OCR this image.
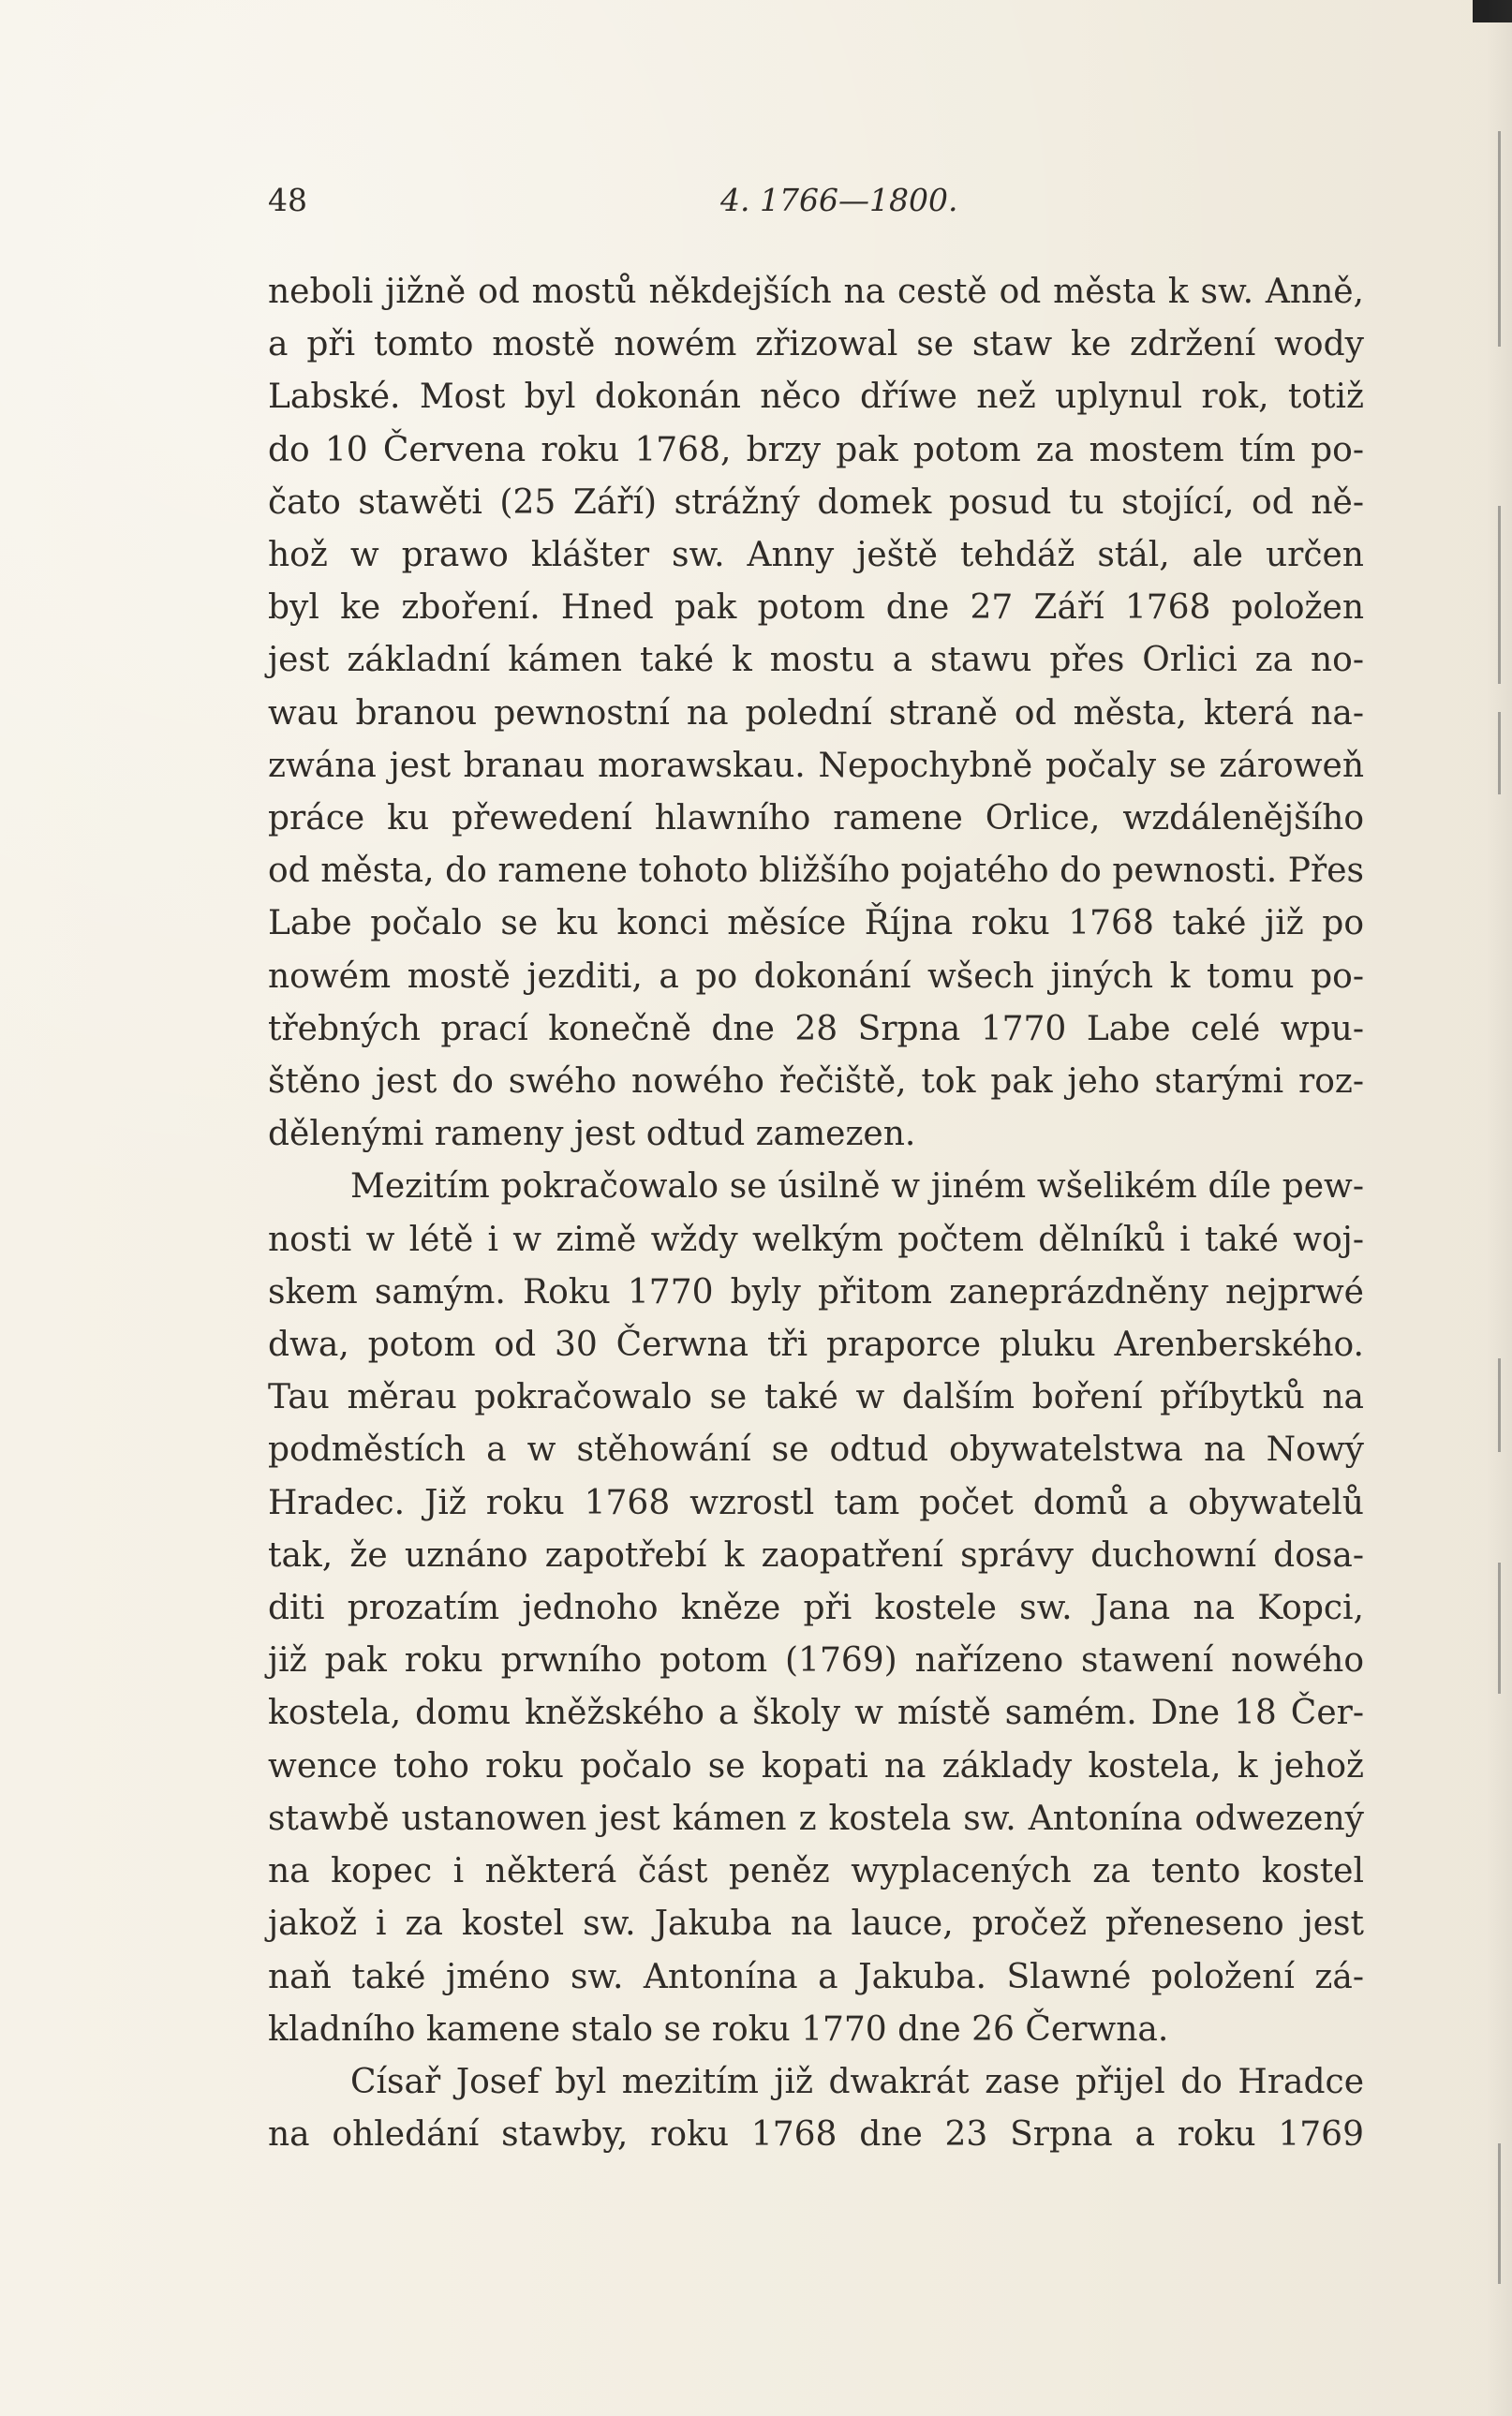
48	4. 1766—1800.
neboli jižně od mostů někdejších na cestě od města k sw. Anně,
a při tomto mostě nowém zřizowal se staw ke zdržení wody
Labské. Most byl dokonán něco dříwe než uplynul rok, totiž
do 10 Červena roku 1768, brzy pak potom za mostem tím po-
čato stawěti (25 Září) strážný domek posud tu stojící, od ně-
hož w prawo klášter sw. Anny ještě tehdáž stál, ale určen
byl ke zboření. Hned pak potom dne 27 Září 1768 položen
jest základní kámen také k mostu a stawu přes Orlici za no-
wau branou pewnostní na polední straně od města, která na-
zwána jest branau morawskau. Nepochybně počaly se zároweň
práce ku přewedení hlawního ramene Orlice, wzdálenějšího
od města, do ramene tohoto bližšího pojatého do pewnosti. Přes
Labe počalo se ku konci měsíce Října roku 1768 také již po
nowém mostě jezditi, a po dokonání wšech jiných k tomu po-
třebných prací konečně dne 28 Srpna 1770 Labe celé wpu-
štěno jest do swého nowého řečiště, tok pak jeho starými roz-
dělenými rameny jest odtud zamezen.
Mezitím pokračowalo se úsilně w jiném wšelikém díle pew-
nosti w létě i w zimě wždy welkým počtem dělníků i také woj-
skem samým. Roku 1770 byly přitom zaneprázdněny nejprwé
dwa, potom od 30 Čerwna tři praporce pluku Arenberského.
Tau měrau pokračowalo se také w dalším boření příbytků na
podměstích a w stěhowání se odtud obywatelstwa na Nowý
Hradec. Již roku 1768 wzrostl tam počet domů a obywatelů
tak, že uznáno zapotřebí k zaopatření správy duchowní dosa-
diti prozatím jednoho kněze při kostele sw. Jana na Kopci,
již pak roku prwního potom (1769) nařízeno stawení nowého
kostela, domu kněžského a školy w místě samém. Dne 18 Čer-
wence toho roku počalo se kopati na základy kostela, k jehož
stawbě ustanowen jest kámen z kostela sw. Antonína odwezený
na kopec i některá část peněz wyplacených za tento kostel
jakož i za kostel sw. Jakuba na lauce, pročež přeneseno jest
naň také jméno sw. Antonína a Jakuba. Slawné položení zá-
kladního kamene stalo se roku 1770 dne 26 Čerwna.
Císař Josef byl mezitím již dwakrát zase přijel do Hradce
na ohledání stawby, roku 1768 dne 23 Srpna a roku 1769
